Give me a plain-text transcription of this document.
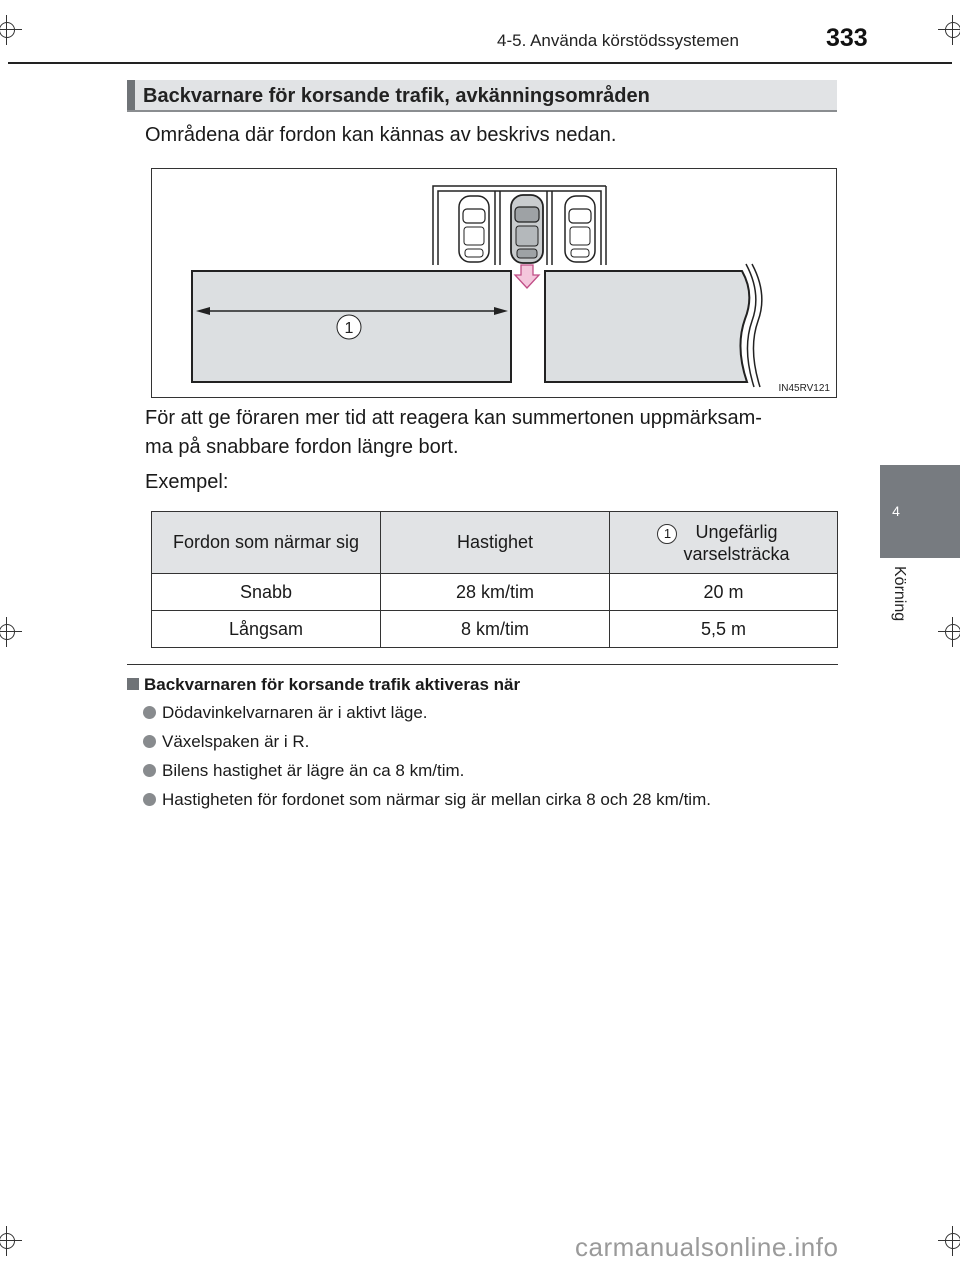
4-5. Använda körstödssystemen	333
4
Körning
Backvarnare för korsande trafik, avkänningsområden
Områdena där fordon kan kännas av beskrivs nedan.
1
IN45RV121
För att ge föraren mer tid att reagera kan summertonen uppmärksam-
ma på snabbare fordon längre bort.
Exempel:
Fordon som närmar sig	Hastighet	1 Ungefärlig
varselsträcka

Snabb	28 km/tim	20 m
Långsam	8 km/tim	5,5 m
Backvarnaren för korsande trafik aktiveras när
Dödavinkelvarnaren är i aktivt läge.
Växelspaken är i R.
Bilens hastighet är lägre än ca 8 km/tim.
Hastigheten för fordonet som närmar sig är mellan cirka 8 och 28 km/tim.
carmanualsonline.info
